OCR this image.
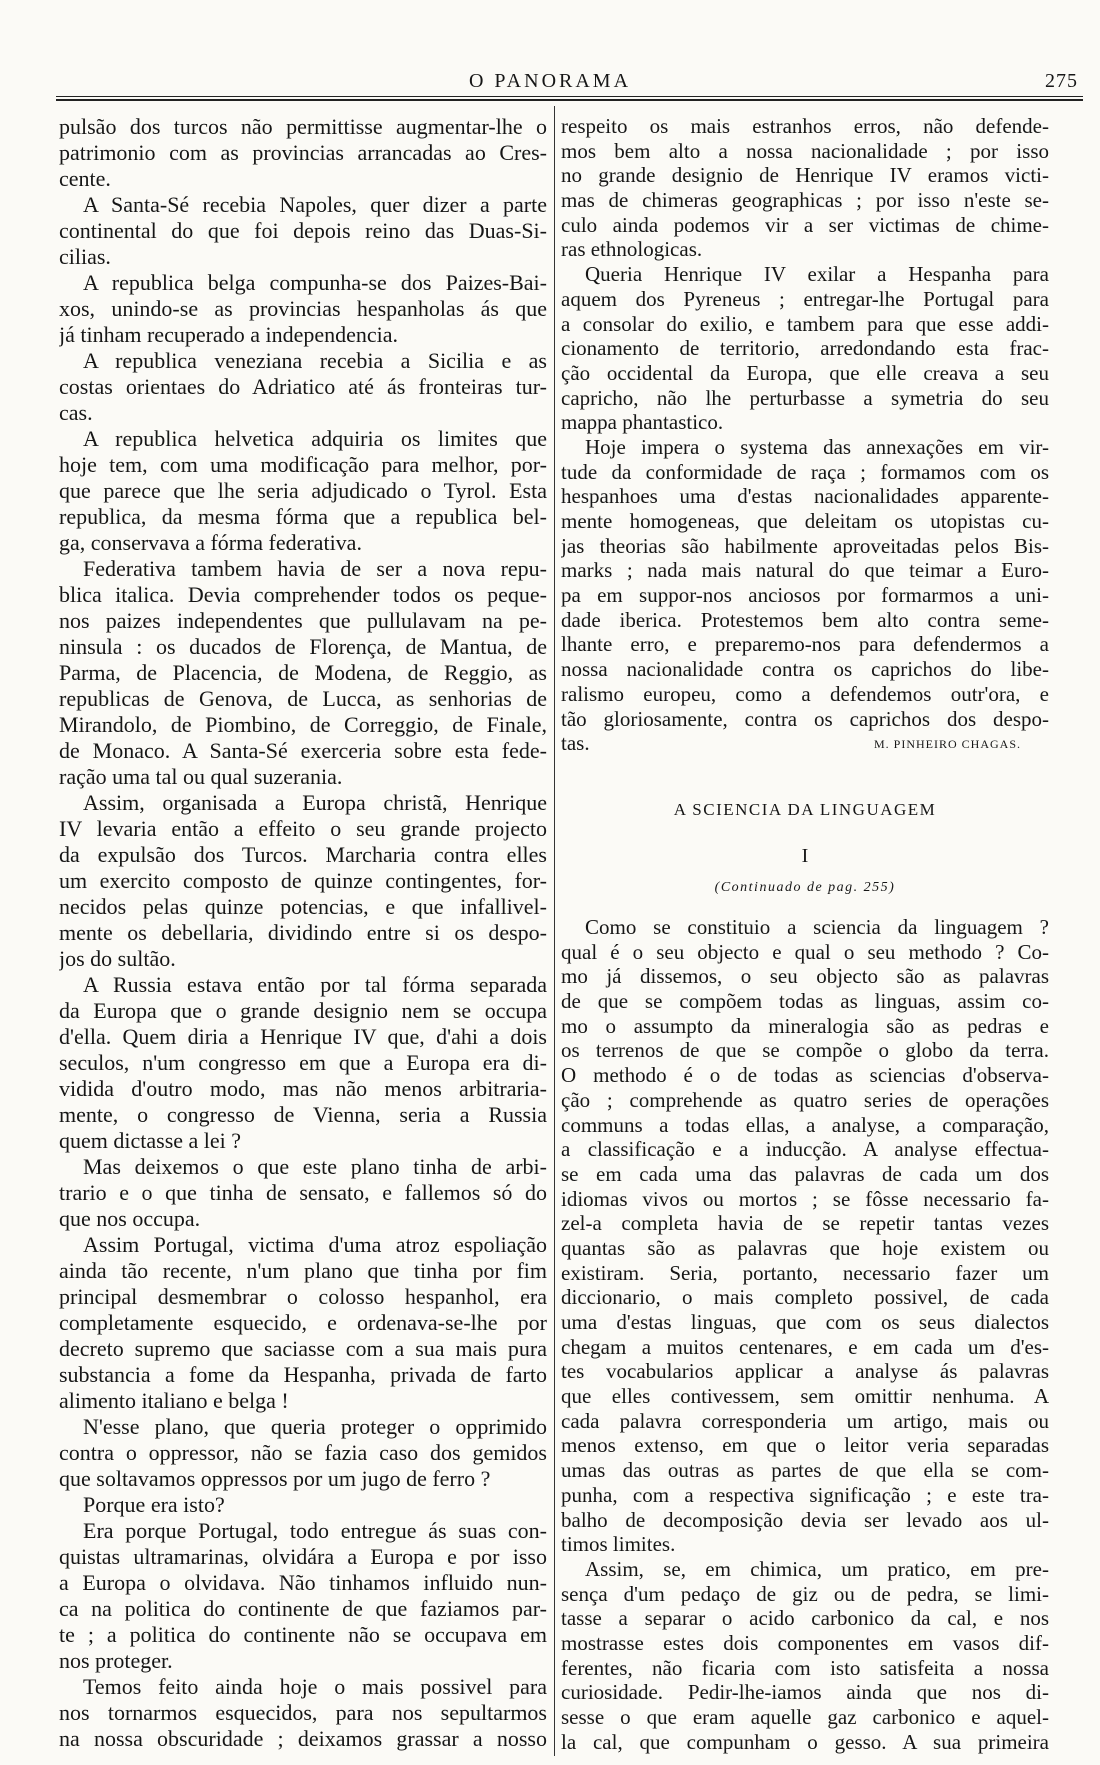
O PANORAMA	275
pulsão dos turcos não permittisse augmentar-lhe o
patrimonio com as provincias arrancadas ao Cres-
cente.
A Santa-Sé recebia Napoles, quer dizer a parte
continental do que foi depois reino das Duas-Si-
cilias.
A republica belga compunha-se dos Paizes-Bai-
xos, unindo-se as provincias hespanholas ás que
já tinham recuperado a independencia.
A republica veneziana recebia a Sicilia e as
costas orientaes do Adriatico até ás fronteiras tur-
cas.
A republica helvetica adquiria os limites que
hoje tem, com uma modificação para melhor, por-
que parece que lhe seria adjudicado o Tyrol. Esta
republica, da mesma fórma que a republica bel-
ga, conservava a fórma federativa.
Federativa tambem havia de ser a nova repu-
blica italica. Devia comprehender todos os peque-
nos paizes independentes que pullulavam na pe-
ninsula : os ducados de Florença, de Mantua, de
Parma, de Placencia, de Modena, de Reggio, as
republicas de Genova, de Lucca, as senhorias de
Mirandolo, de Piombino, de Correggio, de Finale,
de Monaco. A Santa-Sé exerceria sobre esta fede-
ração uma tal ou qual suzerania.
Assim, organisada a Europa christã, Henrique
IV levaria então a effeito o seu grande projecto
da expulsão dos Turcos. Marcharia contra elles
um exercito composto de quinze contingentes, for-
necidos pelas quinze potencias, e que infallivel-
mente os debellaria, dividindo entre si os despo-
jos do sultão.
A Russia estava então por tal fórma separada
da Europa que o grande designio nem se occupa
d'ella. Quem diria a Henrique IV que, d'ahi a dois
seculos, n'um congresso em que a Europa era di-
vidida d'outro modo, mas não menos arbitraria-
mente, o congresso de Vienna, seria a Russia
quem dictasse a lei ?
Mas deixemos o que este plano tinha de arbi-
trario e o que tinha de sensato, e fallemos só do
que nos occupa.
Assim Portugal, victima d'uma atroz espoliação
ainda tão recente, n'um plano que tinha por fim
principal desmembrar o colosso hespanhol, era
completamente esquecido, e ordenava-se-lhe por
decreto supremo que saciasse com a sua mais pura
substancia a fome da Hespanha, privada de farto
alimento italiano e belga !
N'esse plano, que queria proteger o opprimido
contra o oppressor, não se fazia caso dos gemidos
que soltavamos oppressos por um jugo de ferro ?
Porque era isto?
Era porque Portugal, todo entregue ás suas con-
quistas ultramarinas, olvidára a Europa e por isso
a Europa o olvidava. Não tinhamos influido nun-
ca na politica do continente de que faziamos par-
te ; a politica do continente não se occupava em
nos proteger.
Temos feito ainda hoje o mais possivel para
nos tornarmos esquecidos, para nos sepultarmos
na nossa obscuridade ; deixamos grassar a nosso
respeito os mais estranhos erros, não defende-
mos bem alto a nossa nacionalidade ; por isso
no grande designio de Henrique IV eramos victi-
mas de chimeras geographicas ; por isso n'este se-
culo ainda podemos vir a ser victimas de chime-
ras ethnologicas.
Queria Henrique IV exilar a Hespanha para
aquem dos Pyreneus ; entregar-lhe Portugal para
a consolar do exilio, e tambem para que esse addi-
cionamento de territorio, arredondando esta frac-
ção occidental da Europa, que elle creava a seu
capricho, não lhe perturbasse a symetria do seu
mappa phantastico.
Hoje impera o systema das annexações em vir-
tude da conformidade de raça ; formamos com os
hespanhoes uma d'estas nacionalidades apparente-
mente homogeneas, que deleitam os utopistas cu-
jas theorias são habilmente aproveitadas pelos Bis-
marks ; nada mais natural do que teimar a Euro-
pa em suppor-nos anciosos por formarmos a uni-
dade iberica. Protestemos bem alto contra seme-
lhante erro, e preparemo-nos para defendermos a
nossa nacionalidade contra os caprichos do libe-
ralismo europeu, como a defendemos outr'ora, e
tão gloriosamente, contra os caprichos dos despo-
tas.	M. PINHEIRO CHAGAS.
A SCIENCIA DA LINGUAGEM
I
(Continuado de pag. 255)
Como se constituio a sciencia da linguagem ?
qual é o seu objecto e qual o seu methodo ? Co-
mo já dissemos, o seu objecto são as palavras
de que se compõem todas as linguas, assim co-
mo o assumpto da mineralogia são as pedras e
os terrenos de que se compõe o globo da terra.
O methodo é o de todas as sciencias d'observa-
ção ; comprehende as quatro series de operações
communs a todas ellas, a analyse, a comparação,
a classificação e a inducção. A analyse effectua-
se em cada uma das palavras de cada um dos
idiomas vivos ou mortos ; se fôsse necessario fa-
zel-a completa havia de se repetir tantas vezes
quantas são as palavras que hoje existem ou
existiram. Seria, portanto, necessario fazer um
diccionario, o mais completo possivel, de cada
uma d'estas linguas, que com os seus dialectos
chegam a muitos centenares, e em cada um d'es-
tes vocabularios applicar a analyse ás palavras
que elles contivessem, sem omittir nenhuma. A
cada palavra corresponderia um artigo, mais ou
menos extenso, em que o leitor veria separadas
umas das outras as partes de que ella se com-
punha, com a respectiva significação ; e este tra-
balho de decomposição devia ser levado aos ul-
timos limites.
Assim, se, em chimica, um pratico, em pre-
sença d'um pedaço de giz ou de pedra, se limi-
tasse a separar o acido carbonico da cal, e nos
mostrasse estes dois componentes em vasos dif-
ferentes, não ficaria com isto satisfeita a nossa
curiosidade. Pedir-lhe-iamos ainda que nos di-
sesse o que eram aquelle gaz carbonico e aquel-
la cal, que compunham o gesso. A sua primeira
